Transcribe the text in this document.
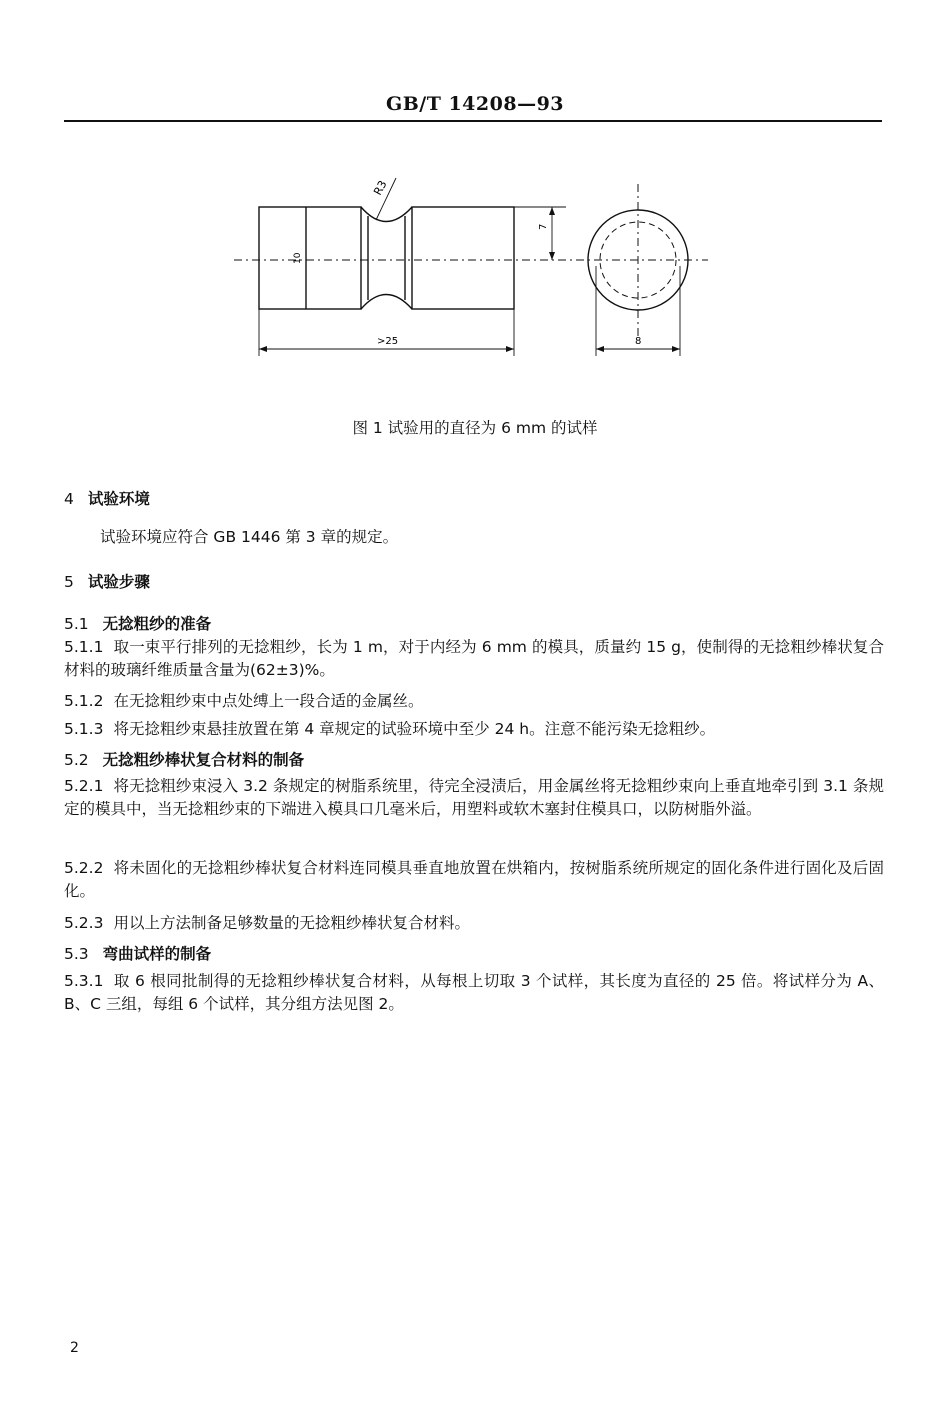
GB/T 14208—93
R3
10
>25
7
8
图 1 试验用的直径为 6 mm 的试样
4 试验环境
试验环境应符合 GB 1446 第 3 章的规定。
5 试验步骤
5.1 无捻粗纱的准备
5.1.1 取一束平行排列的无捻粗纱，长为 1 m，对于内经为 6 mm 的模具，质量约 15 g，使制得的无捻粗纱棒状复合材料的玻璃纤维质量含量为(62±3)%。
5.1.2 在无捻粗纱束中点处缚上一段合适的金属丝。
5.1.3 将无捻粗纱束悬挂放置在第 4 章规定的试验环境中至少 24 h。注意不能污染无捻粗纱。
5.2 无捻粗纱棒状复合材料的制备
5.2.1 将无捻粗纱束浸入 3.2 条规定的树脂系统里，待完全浸渍后，用金属丝将无捻粗纱束向上垂直地牵引到 3.1 条规定的模具中，当无捻粗纱束的下端进入模具口几毫米后，用塑料或软木塞封住模具口，以防树脂外溢。
5.2.2 将未固化的无捻粗纱棒状复合材料连同模具垂直地放置在烘箱内，按树脂系统所规定的固化条件进行固化及后固化。
5.2.3 用以上方法制备足够数量的无捻粗纱棒状复合材料。
5.3 弯曲试样的制备
5.3.1 取 6 根同批制得的无捻粗纱棒状复合材料，从每根上切取 3 个试样，其长度为直径的 25 倍。将试样分为 A、B、C 三组，每组 6 个试样，其分组方法见图 2。
2
